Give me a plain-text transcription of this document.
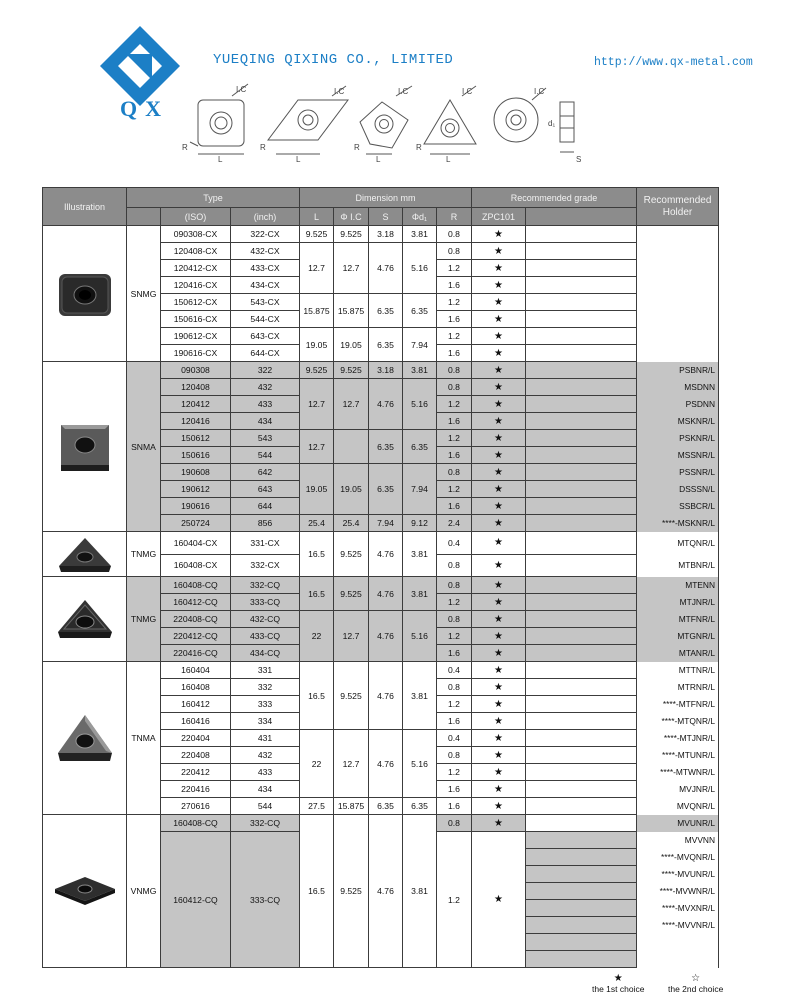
QX
YUEQING QIXING CO., LIMITED	http://www.qx-metal.com
I.C
R
L
I.C
R
L
I.C
R
L
I.C
R
L
I.C
d₁
S
Illustration	Type			Dimension mm					Recommended grade		Recommended Holder
		(ISO)	(inch)	L	Φ I.C	S	Φd₁	R	ZPC101		

	SNMG	090308-CX	322-CX	9.525	9.525	3.18	3.81	0.8	★		
		120408-CX	432-CX	12.7	12.7	4.76	5.16	0.8	★		
		120412-CX	433-CX					1.2	★		
		120416-CX	434-CX					1.6	★		
		150612-CX	543-CX	15.875	15.875	6.35	6.35	1.2	★		
		150616-CX	544-CX					1.6	★		
		190612-CX	643-CX	19.05	19.05	6.35	7.94	1.2	★		
		190616-CX	644-CX					1.6	★		

	SNMA	090308	322	9.525	9.525	3.18	3.81	0.8	★		PSBNR/L
		120408	432	12.7	12.7	4.76	5.16	0.8	★		MSDNN
		120412	433					1.2	★		PSDNN
		120416	434					1.6	★		MSKNR/L
		150612	543	12.7		6.35	6.35	1.2	★		PSKNR/L
		150616	544					1.6	★		MSSNR/L
		190608	642	19.05	19.05	6.35	7.94	0.8	★		PSSNR/L
		190612	643					1.2	★		DSSSN/L
		190616	644					1.6	★		SSBCR/L
		250724	856	25.4	25.4	7.94	9.12	2.4	★		****-MSKNR/L

	TNMG	160404-CX	331-CX	16.5	9.525	4.76	3.81	0.4	★		MTQNR/L
		160408-CX	332-CX					0.8	★		MTBNR/L

	TNMG	160408-CQ	332-CQ	16.5	9.525	4.76	3.81	0.8	★		MTENN
		160412-CQ	333-CQ					1.2	★		MTJNR/L
		220408-CQ	432-CQ	22	12.7	4.76	5.16	0.8	★		MTFNR/L
		220412-CQ	433-CQ					1.2	★		MTGNR/L
		220416-CQ	434-CQ					1.6	★		MTANR/L

	TNMA	160404	331	16.5	9.525	4.76	3.81	0.4	★		MTTNR/L
		160408	332					0.8	★		MTRNR/L
		160412	333					1.2	★		****-MTFNR/L
		160416	334					1.6	★		****-MTQNR/L
		220404	431	22	12.7	4.76	5.16	0.4	★		****-MTJNR/L
		220408	432					0.8	★		****-MTUNR/L
		220412	433					1.2	★		****-MTWNR/L
		220416	434					1.6	★		MVJNR/L
		270616	544	27.5	15.875	6.35	6.35	1.6	★		MVQNR/L

	VNMG	160408-CQ	332-CQ	16.5	9.525	4.76	3.81	0.8	★		MVUNR/L
		160412-CQ	333-CQ					1.2	★		MVVNN
											****-MVQNR/L
											****-MVUNR/L
											****-MVWNR/L
											****-MVXNR/L
											****-MVVNR/L

★
the 1st choice
☆
the 2nd choice
